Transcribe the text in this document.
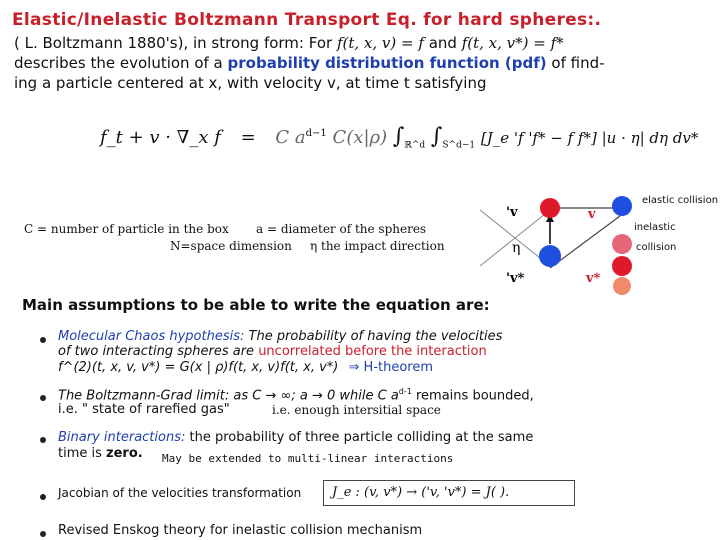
Elastic/Inelastic Boltzmann Transport Eq. for hard spheres:.
( L. Boltzmann 1880's), in strong form: For f(t, x, v) = f and f(t, x, v*) = f*
describes the evolution of a probability distribution function (pdf) of find-
ing a particle centered at x, with velocity v, at time t satisfying
f_t + v · ∇_x f = C $a^{d-1}$ C(x|ρ) $\int_{ℝ\^{}d}$ $\int_{S\^{}d-1}$ [J_e 'f 'f* − f f*] |u · η| dη dv*
C = number of particle in the box a = diameter of the spheres
N=space dimension η the impact direction
'v	v
η
'v*	v*
elastic collision
inelastic
collision
Main assumptions to be able to write the equation are:
Molecular Chaos hypothesis: The probability of having the velocities
of two interacting spheres are uncorrelated before the interaction
f^(2)(t, x, v, v*) = G(x | ρ)f(t, x, v)f(t, x, v*) ⇒ H-theorem
The Boltzmann-Grad limit: as C → ∞; a → 0 while C $a^{d-1}$ remains bounded,
i.e. " state of rarefied gas"	i.e. enough intersitial space
Binary interactions: the probability of three particle colliding at the same
time is zero. May be extended to multi-linear interactions
Jacobian of the velocities transformation J_e : (v, v*) → ('v, 'v*) = J( ).
Revised Enskog theory for inelastic collision mechanism
